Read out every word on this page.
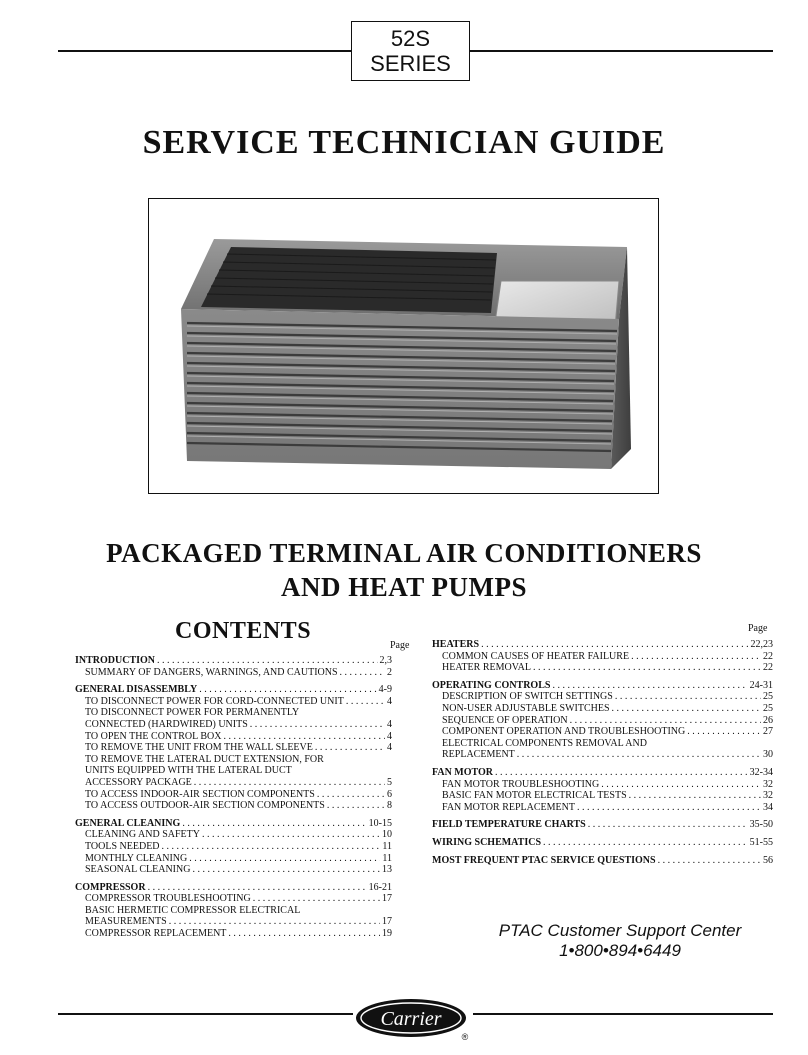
52S
SERIES
SERVICE TECHNICIAN GUIDE
PACKAGED TERMINAL AIR CONDITIONERS
AND HEAT PUMPS
CONTENTS
Page
Page
INTRODUCTION . . .	2,3
SUMMARY OF DANGERS, WARNINGS, AND CAUTIONS . . .	2
GENERAL DISASSEMBLY . . .	4-9
TO DISCONNECT POWER FOR CORD-CONNECTED UNIT . . .	4
TO DISCONNECT POWER FOR PERMANENTLY
CONNECTED (HARDWIRED) UNITS . . .	4
TO OPEN THE CONTROL BOX . . .	4
TO REMOVE THE UNIT FROM THE WALL SLEEVE . . .	4
TO REMOVE THE LATERAL DUCT EXTENSION, FOR
UNITS EQUIPPED WITH THE LATERAL DUCT
ACCESSORY PACKAGE . . .	5
TO ACCESS INDOOR-AIR SECTION COMPONENTS . . .	6
TO ACCESS OUTDOOR-AIR SECTION COMPONENTS . . .	8
GENERAL CLEANING . . .	10-15
CLEANING AND SAFETY . . .	10
TOOLS NEEDED . . .	11
MONTHLY CLEANING . . .	11
SEASONAL CLEANING . . .	13
COMPRESSOR . . .	16-21
COMPRESSOR TROUBLESHOOTING . . .	17
BASIC HERMETIC COMPRESSOR ELECTRICAL
MEASUREMENTS . . .	17
COMPRESSOR REPLACEMENT . . .	19
HEATERS . . .	22,23
COMMON CAUSES OF HEATER FAILURE . . .	22
HEATER REMOVAL . . .	22
OPERATING CONTROLS . . .	24-31
DESCRIPTION OF SWITCH SETTINGS . . .	25
NON-USER ADJUSTABLE SWITCHES . . .	25
SEQUENCE OF OPERATION . . .	26
COMPONENT OPERATION AND TROUBLESHOOTING . . .	27
ELECTRICAL COMPONENTS REMOVAL AND
REPLACEMENT . . .	30
FAN MOTOR . . .	32-34
FAN MOTOR TROUBLESHOOTING . . .	32
BASIC FAN MOTOR ELECTRICAL TESTS . . .	32
FAN MOTOR REPLACEMENT . . .	34
FIELD TEMPERATURE CHARTS . . .	35-50
WIRING SCHEMATICS . . .	51-55
MOST FREQUENT PTAC SERVICE QUESTIONS . . .	56
PTAC Customer Support Center
1•800•894•6449
Carrier
®
